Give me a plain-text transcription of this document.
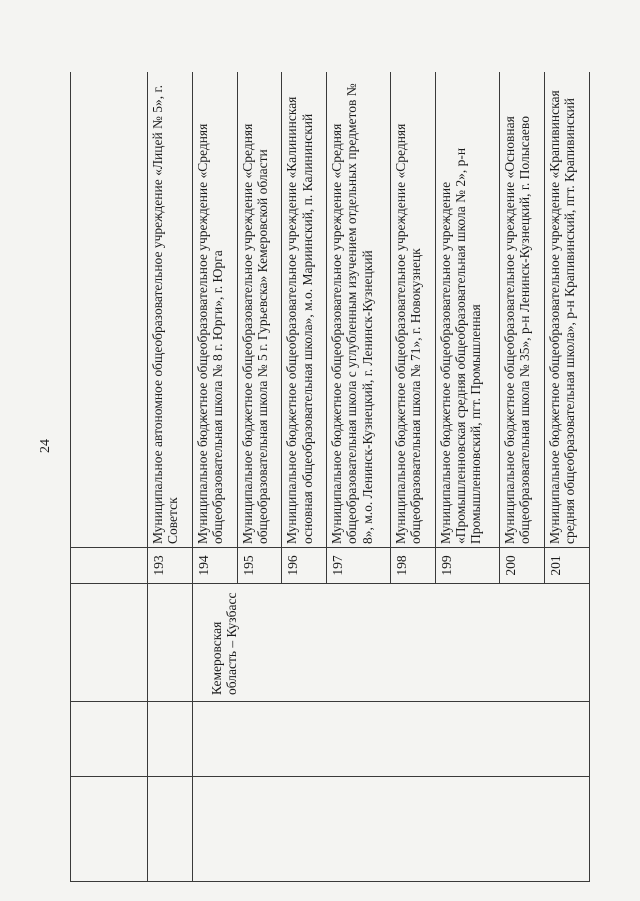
24

			193	Муниципальное автономное общеобразовательное учреждение «Лицей № 5», г. Советск
		Кемеровская область – Кузбасс	194	Муниципальное бюджетное общеобразовательное учреждение «Средняя общеобразовательная школа № 8 г. Юрги», г. Юрга
			195	Муниципальное бюджетное общеобразовательное учреждение «Средняя общеобразовательная школа № 5 г. Гурьевска» Кемеровской области
			196	Муниципальное бюджетное общеобразовательное учреждение «Калининская основная общеобразовательная школа», м.о. Мариинский, п. Калининский
			197	Муниципальное бюджетное общеобразовательное учреждение «Средняя общеобразовательная школа с углубленным изучением отдельных предметов № 8», м.о. Ленинск-Кузнецкий, г. Ленинск-Кузнецкий
			198	Муниципальное бюджетное общеобразовательное учреждение «Средняя общеобразовательная школа № 71», г. Новокузнецк
			199	Муниципальное бюджетное общеобразовательное учреждение «Промышленновская средняя общеобразовательная школа № 2», р-н Промышленновский, пгт. Промышленная
			200	Муниципальное бюджетное общеобразовательное учреждение «Основная общеобразовательная школа № 35», р-н Ленинск-Кузнецкий, г. Полысаево
			201	Муниципальное бюджетное общеобразовательное учреждение «Крапивинская средняя общеобразовательная школа», р-н Крапивинский, пгт. Крапивинский
